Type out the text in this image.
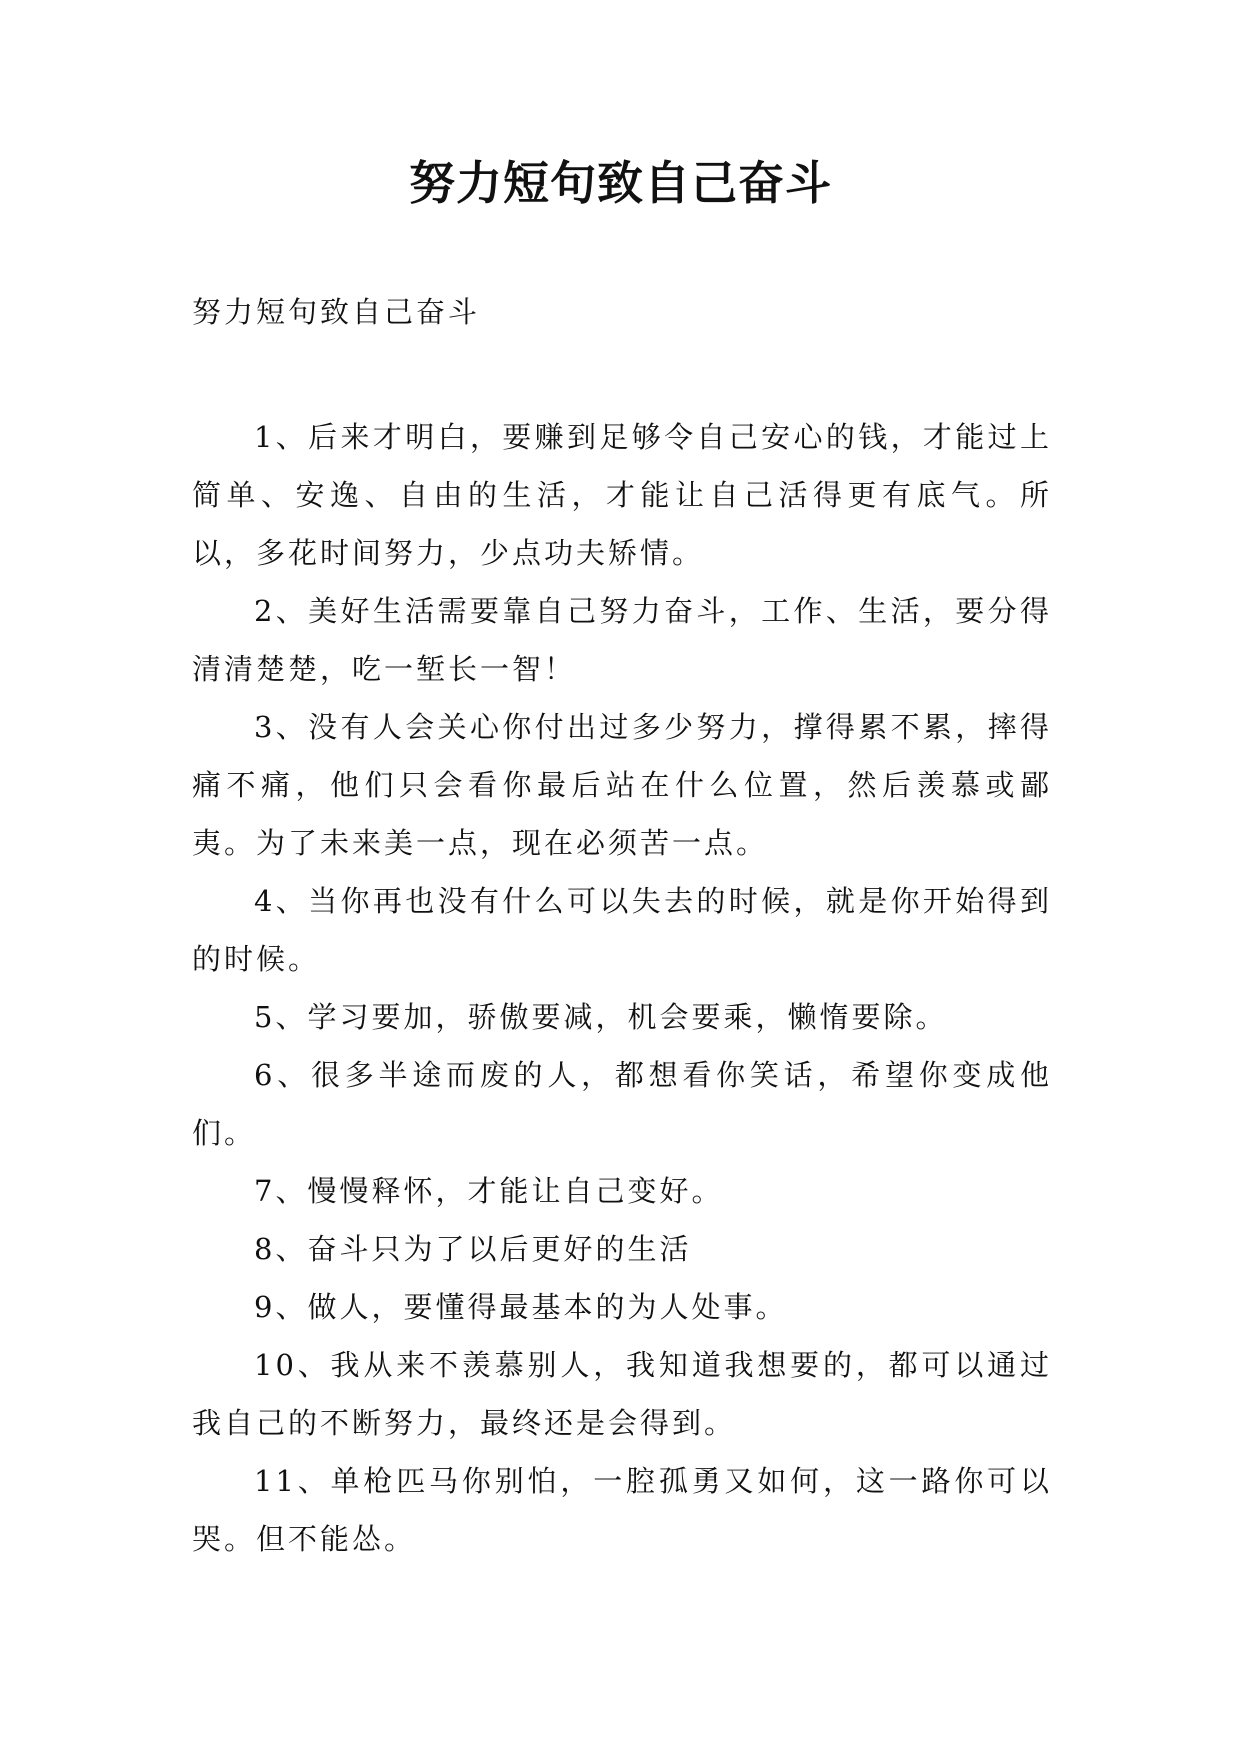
努力短句致自己奋斗

努力短句致自己奋斗

1、后来才明白，要赚到足够令自己安心的钱，才能过上简单、安逸、自由的生活，才能让自己活得更有底气。所以，多花时间努力，少点功夫矫情。

2、美好生活需要靠自己努力奋斗，工作、生活，要分得清清楚楚，吃一堑长一智！

3、没有人会关心你付出过多少努力，撑得累不累，摔得痛不痛，他们只会看你最后站在什么位置，然后羡慕或鄙夷。为了未来美一点，现在必须苦一点。

4、当你再也没有什么可以失去的时候，就是你开始得到的时候。

5、学习要加，骄傲要减，机会要乘，懒惰要除。

6、很多半途而废的人，都想看你笑话，希望你变成他们。

7、慢慢释怀，才能让自己变好。

8、奋斗只为了以后更好的生活

9、做人，要懂得最基本的为人处事。

10、我从来不羡慕别人，我知道我想要的，都可以通过我自己的不断努力，最终还是会得到。

11、单枪匹马你别怕，一腔孤勇又如何，这一路你可以哭。但不能怂。
